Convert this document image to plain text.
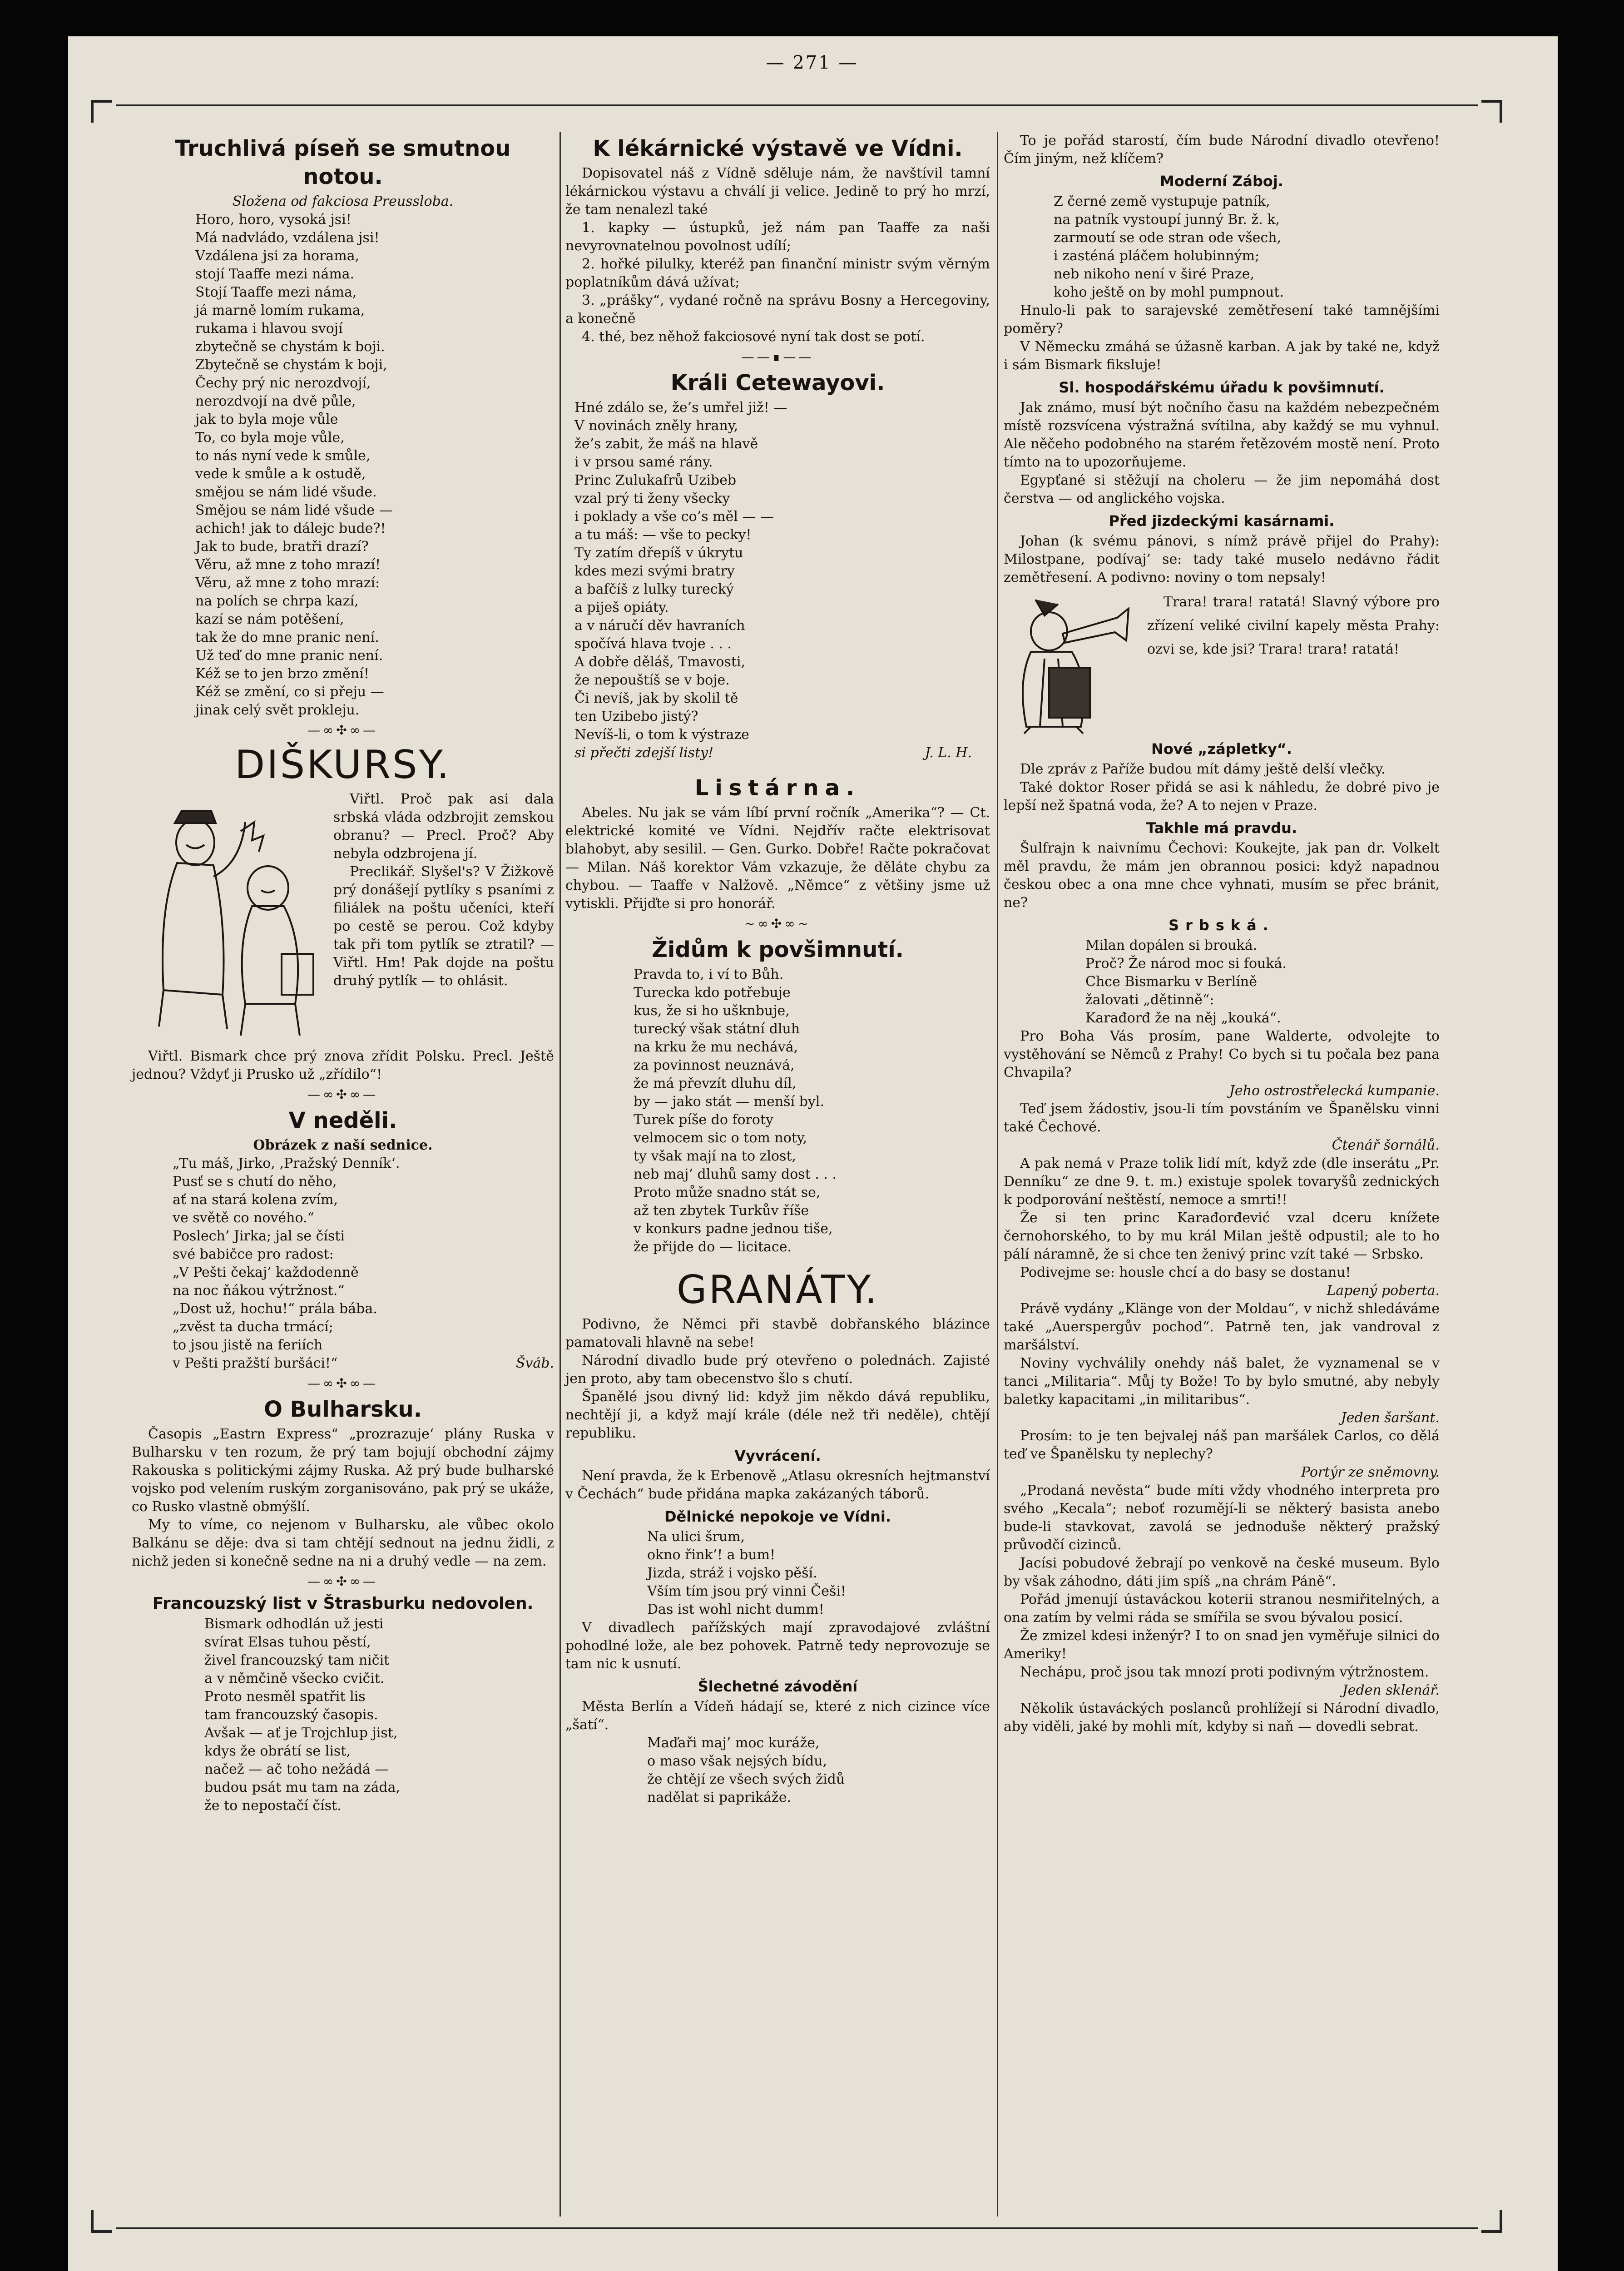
— 271 —
Truchlivá píseň se smutnou notou.
Složena od fakciosa Preussloba.
Horo, horo, vysoká jsi!
Má nadvládo, vzdálena jsi!
Vzdálena jsi za horama,
stojí Taaffe mezi náma.
Stojí Taaffe mezi náma,
já marně lomím rukama,
rukama i hlavou svojí
zbytečně se chystám k boji.
Zbytečně se chystám k boji,
Čechy prý nic nerozdvojí,
nerozdvojí na dvě půle,
jak to byla moje vůle
To, co byla moje vůle,
to nás nyní vede k smůle,
vede k smůle a k ostudě,
smějou se nám lidé všude.
Smějou se nám lidé všude —
achich! jak to dálejc bude?!
Jak to bude, bratři drazí?
Věru, až mne z toho mrazí!
Věru, až mne z toho mrazí:
na polích se chrpa kazí,
kazí se nám potěšení,
tak že do mne pranic není.
Už teď do mne pranic není.
Kéž se to jen brzo změní!
Kéž se změní, co si přeju —
jinak celý svět prokleju.
—∞✣∞—
DIŠKURSY.

Viřtl. Proč pak asi dala srbská vláda odzbrojit zemskou obranu? — Precl. Proč? Aby nebyla odzbrojena jí.

Preclikář. Slyšel's? V Žižkově prý donášejí pytlíky s psaními z filiálek na poštu učeníci, kteří po cestě se perou. Což kdyby tak při tom pytlík se ztratil? — Viřtl. Hm! Pak dojde na poštu druhý pytlík — to ohlásit.

Viřtl. Bismark chce prý znova zřídit Polsku. Precl. Ještě jednou? Vždyť ji Prusko už „zřídilo“!

—∞✣∞—
V neděli.
Obrázek z naší sednice.
„Tu máš, Jirko, ‚Pražský Denník‘.
Pusť se s chutí do něho,
ať na stará kolena zvím,
ve světě co nového.“
Poslech’ Jirka; jal se čísti
své babičce pro radost:
„V Pešti čekaj’ každodenně
na noc ňákou výtržnost.“
„Dost už, hochu!“ prála bába.
„zvěst ta ducha trmácí;
to jsou jistě na feriích
v Pešti pražští buršáci!“	Šváb.
—∞✣∞—
O Bulharsku.

Časopis „Eastrn Express“ „prozrazuje‘ plány Ruska v Bulharsku v ten rozum, že prý tam bojují obchodní zájmy Rakouska s politickými zájmy Ruska. Až prý bude bulharské vojsko pod velením ruským zorganisováno, pak prý se ukáže, co Rusko vlastně obmýšlí.

My to víme, co nejenom v Bulharsku, ale vůbec okolo Balkánu se děje: dva si tam chtějí sednout na jednu židli, z nichž jeden si konečně sedne na ni a druhý vedle — na zem.

—∞✣∞—
Francouzský list v Štrasburku nedovolen.
Bismark odhodlán už jesti
svírat Elsas tuhou pěstí,
živel francouzský tam ničit
a v němčině všecko cvičit.
Proto nesměl spatřit lis
tam francouzský časopis.
Avšak — ať je Trojchlup jist,
kdys že obrátí se list,
načež — ač toho nežádá —
budou psát mu tam na záda,
že to nepostačí číst.
K lékárnické výstavě ve Vídni.

Dopisovatel náš z Vídně sděluje nám, že navštívil tamní lékárnickou výstavu a chválí ji velice. Jedině to prý ho mrzí, že tam nenalezl také

1. kapky — ústupků, jež nám pan Taaffe za naši nevyrovnatelnou povolnost udílí;

2. hořké pilulky, kteréž pan finanční ministr svým věrným poplatníkům dává užívat;

3. „prášky“, vydané ročně na správu Bosny a Hercegoviny, a konečně

4. thé, bez něhož fakciosové nyní tak dost se potí.

——∎——
Králi Cetewayovi.
Hné zdálo se, že’s umřel již! —
V novinách zněly hrany,
že’s zabit, že máš na hlavě
i v prsou samé rány.
Princ Zulukafrů Uzibeb
vzal prý ti ženy všecky
i poklady a vše co’s měl — —
a tu máš: — vše to pecky!
Ty zatím dřepíš v úkrytu
kdes mezi svými bratry
a bafčíš z lulky turecký
a piješ opiáty.
a v náručí děv havraních
spočívá hlava tvoje . . .
A dobře děláš, Tmavosti,
že nepouštíš se v boje.
Či nevíš, jak by skolil tě
ten Uzibebo jistý?
Nevíš-li, o tom k výstraze
si přečti zdejší listy!	J. L. H.
Listárna.

Abeles. Nu jak se vám líbí první ročník „Amerika“? — Ct. elektrické komité ve Vídni. Nejdřív račte elektrisovat blahobyt, aby sesilil. — Gen. Gurko. Dobře! Račte pokračovat — Milan. Náš korektor Vám vzkazuje, že děláte chybu za chybou. — Taaffe v Nalžově. „Němce“ z většiny jsme už vytiskli. Přijďte si pro honorář.

~∞✣∞~
Židům k povšimnutí.
Pravda to, i ví to Bůh.
Turecka kdo potřebuje
kus, že si ho ušknbuje,
turecký však státní dluh
na krku že mu nechává,
za povinnost neuznává,
že má převzít dluhu díl,
by — jako stát — menší byl.
Turek píše do foroty
velmocem sic o tom noty,
ty však mají na to zlost,
neb maj’ dluhů samy dost . . .
Proto může snadno stát se,
až ten zbytek Turkův říše
v konkurs padne jednou tiše,
že přijde do — licitace.
GRANÁTY.

Podivno, že Němci při stavbě dobřanského blázince pamatovali hlavně na sebe!

Národní divadlo bude prý otevřeno o polednách. Zajisté jen proto, aby tam obecenstvo šlo s chutí.

Španělé jsou divný lid: když jim někdo dává republiku, nechtějí ji, a když mají krále (déle než tři neděle), chtějí republiku.

Vyvrácení.

Není pravda, že k Erbenově „Atlasu okresních hejtmanství v Čechách“ bude přidána mapka zakázaných táborů.

Dělnické nepokoje ve Vídni.
Na ulici šrum,
okno řink’! a bum!
Jizda, stráž i vojsko pěší.
Vším tím jsou prý vinni Češi!
Das ist wohl nicht dumm!

V divadlech pařížských mají zpravodajové zvláštní pohodlné lože, ale bez pohovek. Patrně tedy neprovozuje se tam nic k usnutí.

Šlechetné závodění

Města Berlín a Vídeň hádají se, které z nich cizince více „šatí“.

Maďaři maj’ moc kuráže,
o maso však nejsých bídu,
že chtějí ze všech svých židů
nadělat si paprikáže.

To je pořád starostí, čím bude Národní divadlo otevřeno! Čím jiným, než klíčem?

Moderní Záboj.
Z černé země vystupuje patník,
na patník vystoupí junný Br. ž. k,
zarmoutí se ode stran ode všech,
i zasténá pláčem holubinným;
neb nikoho není v širé Praze,
koho ještě on by mohl pumpnout.

Hnulo-li pak to sarajevské zemětřesení také tamnějšími poměry?

V Německu zmáhá se úžasně karban. A jak by také ne, když i sám Bismark fiksluje!

Sl. hospodářskému úřadu k povšimnutí.

Jak známo, musí být nočního času na každém nebezpečném místě rozsvícena výstražná svítilna, aby každý se mu vyhnul. Ale něčeho podobného na starém řetězovém mostě není. Proto tímto na to upozorňujeme.

Egypťané si stěžují na choleru — že jim nepomáhá dost čerstva — od anglického vojska.

Před jizdeckými kasárnami.

Johan (k svému pánovi, s nímž právě přijel do Prahy): Milostpane, podívaj’ se: tady také muselo nedávno řádit zemětřesení. A podivno: noviny o tom nepsaly!

Trara! trara! ratatá! Slavný výbore pro zřízení veliké civilní kapely města Prahy: ozvi se, kde jsi? Trara! trara! ratatá!

Nové „zápletky“.

Dle zpráv z Paříže budou mít dámy ještě delší vlečky.

Také doktor Roser přidá se asi k náhledu, že dobré pivo je lepší než špatná voda, že? A to nejen v Praze.

Takhle má pravdu.

Šulfrajn k naivnímu Čechovi: Koukejte, jak pan dr. Volkelt měl pravdu, že mám jen obrannou posici: když napadnou českou obec a ona mne chce vyhnati, musím se přec bránit, ne?

Srbská.
Milan dopálen si brouká.
Proč? Že národ moc si fouká.
Chce Bismarku v Berlíně
žalovati „dětinně“:
Karađorđ že na něj „kouká“.

Pro Boha Vás prosím, pane Walderte, odvolejte to vystěhování se Němců z Prahy! Co bych si tu počala bez pana Chvapila?

Jeho ostrostřelecká kumpanie.

Teď jsem žádostiv, jsou-li tím povstáním ve Španělsku vinni také Čechové.

Čtenář šornálů.

A pak nemá v Praze tolik lidí mít, když zde (dle inserátu „Pr. Denníku“ ze dne 9. t. m.) existuje spolek tovaryšů zednických k podporování neštěstí, nemoce a smrti!!

Že si ten princ Karađorđević vzal dceru knížete černohorského, to by mu král Milan ještě odpustil; ale to ho pálí náramně, že si chce ten ženivý princ vzít také — Srbsko.

Podivejme se: housle chcí a do basy se dostanu!

Lapený poberta.

Právě vydány „Klänge von der Moldau“, v nichž shledáváme také „Auerspergův pochod“. Patrně ten, jak vandroval z maršálství.

Noviny vychválily onehdy náš balet, že vyznamenal se v tanci „Militaria“. Můj ty Bože! To by bylo smutné, aby nebyly baletky kapacitami „in militaribus“.

Jeden šaršant.

Prosím: to je ten bejvalej náš pan maršálek Carlos, co dělá teď ve Španělsku ty neplechy?

Portýr ze sněmovny.

„Prodaná nevěsta“ bude míti vždy vhodného interpreta pro svého „Kecala“; neboť rozumějí-li se některý basista anebo bude-li stavkovat, zavolá se jednoduše některý pražský průvodčí cizinců.

Jacísi pobudové žebrají po venkově na české museum. Bylo by však záhodno, dáti jim spíš „na chrám Páně“.

Pořád jmenují ústaváckou koterii stranou nesmiřitelných, a ona zatím by velmi ráda se smířila se svou bývalou posicí.

Že zmizel kdesi inženýr? I to on snad jen vyměřuje silnici do Ameriky!

Nechápu, proč jsou tak mnozí proti podivným výtržnostem.

Jeden sklenář.

Několik ústaváckých poslanců prohlížejí si Národní divadlo, aby viděli, jaké by mohli mít, kdyby si naň — dovedli sebrat.
